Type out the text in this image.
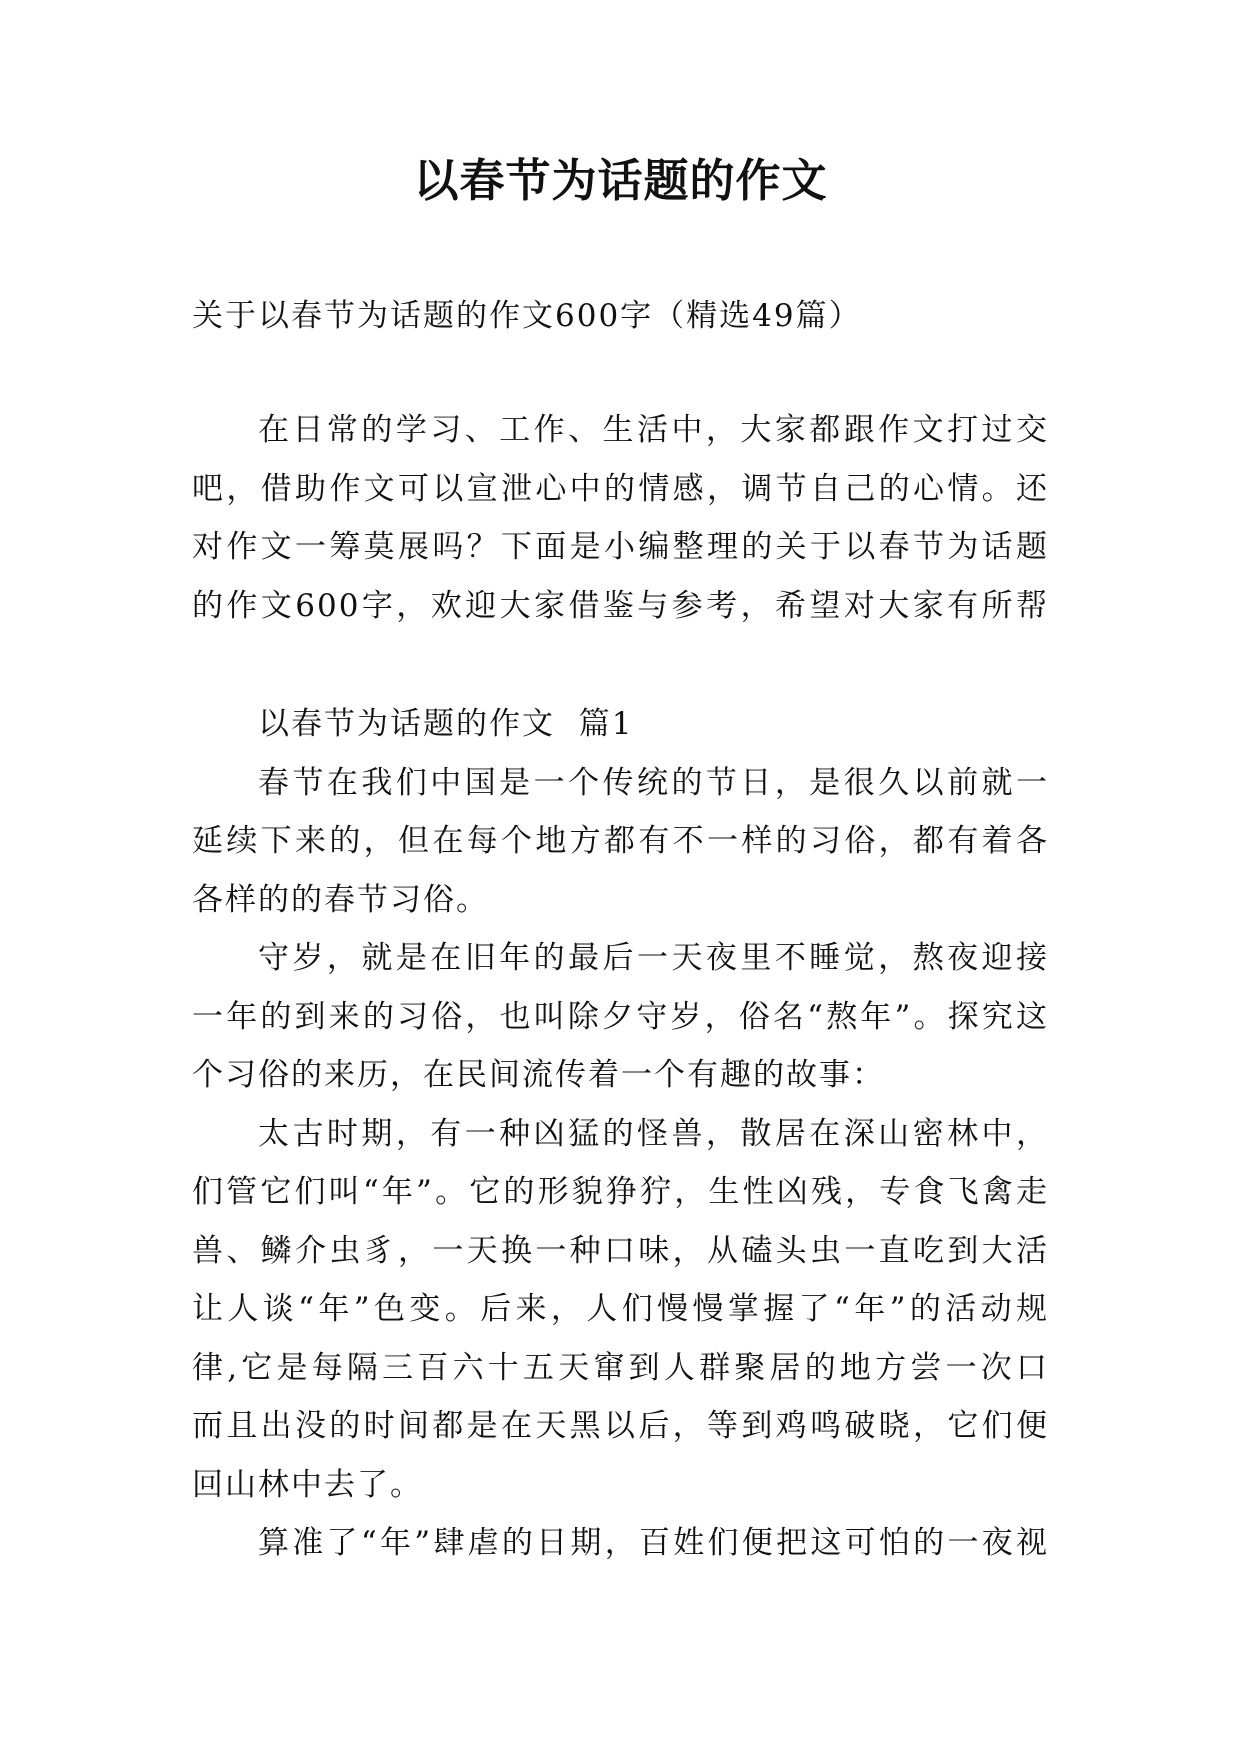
以春节为话题的作文
关于以春节为话题的作文600字（精选49篇）
在日常的学习、工作、生活中，大家都跟作文打过交
吧，借助作文可以宣泄心中的情感，调节自己的心情。还
对作文一筹莫展吗？下面是小编整理的关于以春节为话题
的作文600字，欢迎大家借鉴与参考，希望对大家有所帮
以春节为话题的作文  篇1
春节在我们中国是一个传统的节日，是很久以前就一
延续下来的，但在每个地方都有不一样的习俗，都有着各
各样的的春节习俗。
守岁，就是在旧年的最后一天夜里不睡觉，熬夜迎接
一年的到来的习俗，也叫除夕守岁，俗名“熬年”。探究这
个习俗的来历，在民间流传着一个有趣的故事：
太古时期，有一种凶猛的怪兽，散居在深山密林中，
们管它们叫“年”。它的形貌狰狞，生性凶残，专食飞禽走
兽、鳞介虫豸，一天换一种口味，从磕头虫一直吃到大活
让人谈“年”色变。后来，人们慢慢掌握了“年”的活动规
律,它是每隔三百六十五天窜到人群聚居的地方尝一次口
而且出没的时间都是在天黑以后，等到鸡鸣破晓，它们便
回山林中去了。
算准了“年”肆虐的日期，百姓们便把这可怕的一夜视
